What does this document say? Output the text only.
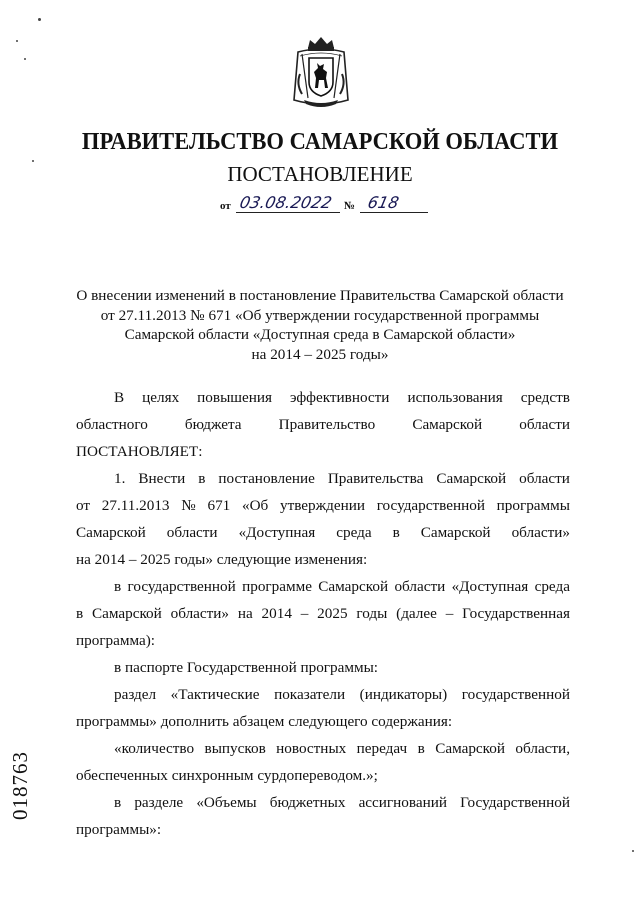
ПРАВИТЕЛЬСТВО САМАРСКОЙ ОБЛАСТИ
ПОСТАНОВЛЕНИЕ
от 03.08.2022 № 618
О внесении изменений в постановление Правительства Самарской области
от 27.11.2013 № 671 «Об утверждении государственной программы
Самарской области «Доступная среда в Самарской области»
на 2014 – 2025 годы»
В целях повышения эффективности использования средств
областного бюджета Правительство Самарской области
ПОСТАНОВЛЯЕТ:
1. Внести в постановление Правительства Самарской области
от 27.11.2013 № 671 «Об утверждении государственной программы
Самарской области «Доступная среда в Самарской области»
на 2014 – 2025 годы» следующие изменения:
в государственной программе Самарской области «Доступная среда
в Самарской области» на 2014 – 2025 годы (далее – Государственная
программа):
в паспорте Государственной программы:
раздел «Тактические показатели (индикаторы) государственной
программы» дополнить абзацем следующего содержания:
«количество выпусков новостных передач в Самарской области,
обеспеченных синхронным сурдопереводом.»;
в разделе «Объемы бюджетных ассигнований Государственной
программы»:
018763
